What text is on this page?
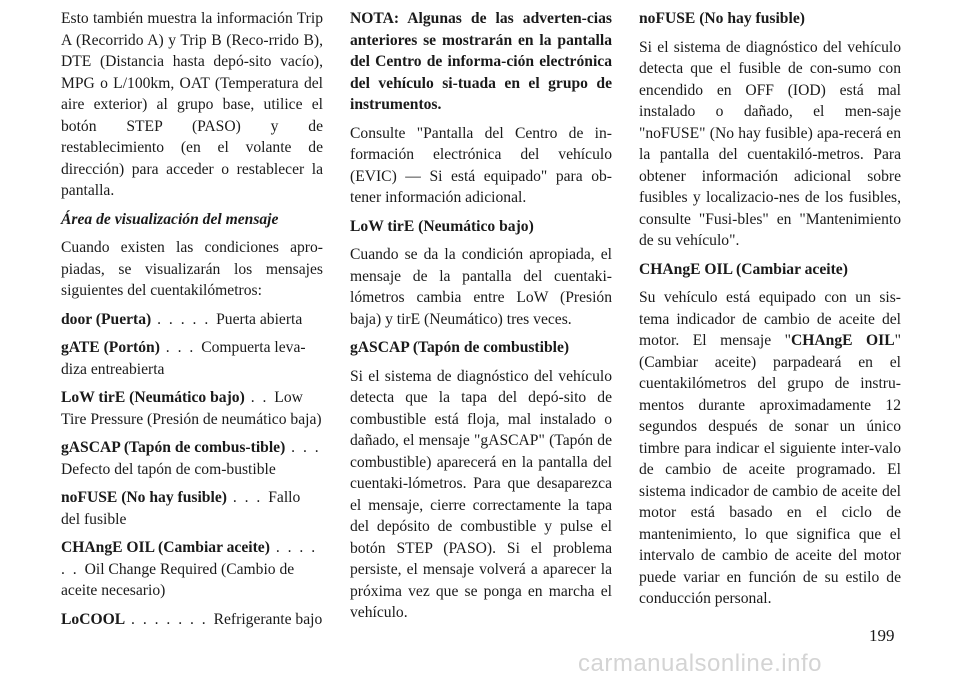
Esto también muestra la información Trip A (Recorrido A) y Trip B (Reco-rrido B), DTE (Distancia hasta depó-sito vacío), MPG o L/100km, OAT (Temperatura del aire exterior) al grupo base, utilice el botón STEP (PASO) y de restablecimiento (en el volante de dirección) para acceder o restablecer la pantalla.

Área de visualización del mensaje

Cuando existen las condiciones apro-piadas, se visualizarán los mensajes siguientes del cuentakilómetros:

door (Puerta) . . . . . Puerta abierta

gATE (Portón) . . . Compuerta leva-diza entreabierta

LoW tirE (Neumático bajo) . . Low Tire Pressure (Presión de neumático baja)

gASCAP (Tapón de combus-tible) . . . Defecto del tapón de com-bustible

noFUSE (No hay fusible) . . . Fallo del fusible

CHAngE OIL (Cambiar aceite) . . . . . . Oil Change Required (Cambio de aceite necesario)

LoCOOL . . . . . . . Refrigerante bajo

NOTA: Algunas de las adverten-cias anteriores se mostrarán en la pantalla del Centro de informa-ción electrónica del vehículo si-tuada en el grupo de instrumentos.

Consulte "Pantalla del Centro de in-formación electrónica del vehículo (EVIC) — Si está equipado" para ob-tener información adicional.

LoW tirE (Neumático bajo)

Cuando se da la condición apropiada, el mensaje de la pantalla del cuentaki-lómetros cambia entre LoW (Presión baja) y tirE (Neumático) tres veces.

gASCAP (Tapón de combustible)

Si el sistema de diagnóstico del vehículo detecta que la tapa del depó-sito de combustible está floja, mal instalado o dañado, el mensaje "gASCAP" (Tapón de combustible) aparecerá en la pantalla del cuentaki-lómetros. Para que desaparezca el mensaje, cierre correctamente la tapa del depósito de combustible y pulse el botón STEP (PASO). Si el problema persiste, el mensaje volverá a aparecer la próxima vez que se ponga en marcha el vehículo.

noFUSE (No hay fusible)

Si el sistema de diagnóstico del vehículo detecta que el fusible de con-sumo con encendido en OFF (IOD) está mal instalado o dañado, el men-saje "noFUSE" (No hay fusible) apa-recerá en la pantalla del cuentakiló-metros. Para obtener información adicional sobre fusibles y localizacio-nes de los fusibles, consulte "Fusi-bles" en "Mantenimiento de su vehículo".

CHAngE OIL (Cambiar aceite)

Su vehículo está equipado con un sis-tema indicador de cambio de aceite del motor. El mensaje "CHAngE OIL" (Cambiar aceite) parpadeará en el cuentakilómetros del grupo de instru-mentos durante aproximadamente 12 segundos después de sonar un único timbre para indicar el siguiente inter-valo de cambio de aceite programado. El sistema indicador de cambio de aceite del motor está basado en el ciclo de mantenimiento, lo que significa que el intervalo de cambio de aceite del motor puede variar en función de su estilo de conducción personal.

199
carmanualsonline.info
